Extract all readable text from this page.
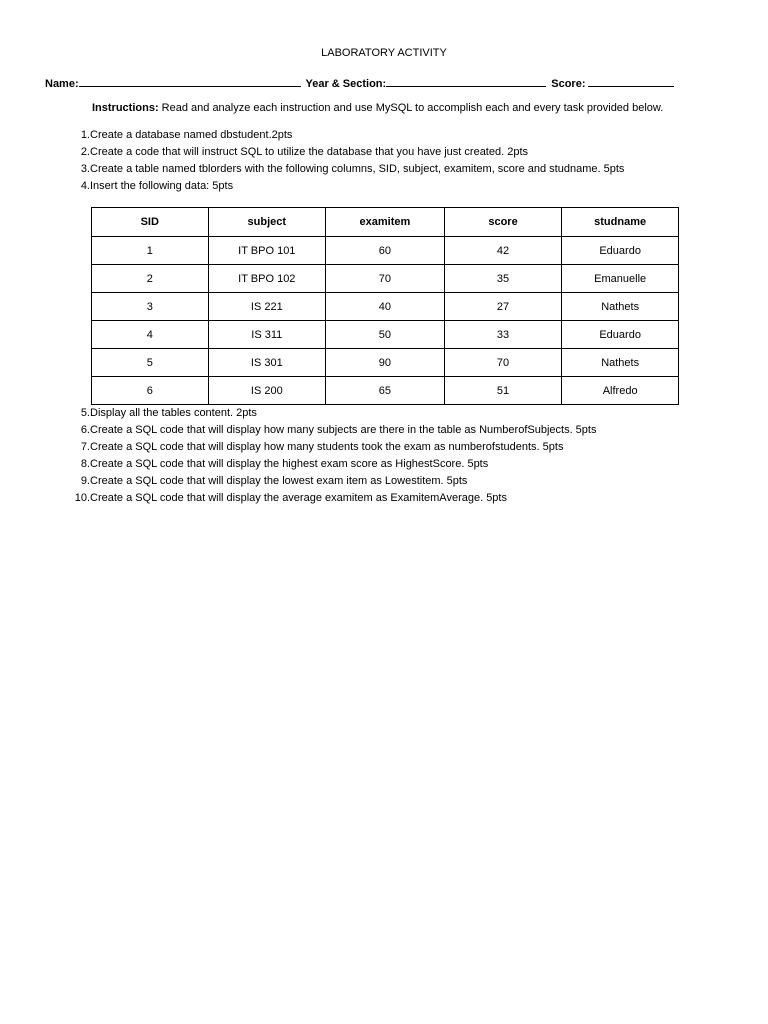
LABORATORY ACTIVITY
Name:	Year & Section:	Score:
Instructions: Read and analyze each instruction and use MySQL to accomplish each and every task provided below.
1. Create a database named dbstudent.2pts
2. Create a code that will instruct SQL to utilize the database that you have just created. 2pts
3. Create a table named tblorders with the following columns, SID, subject, examitem, score and studname. 5pts
4. Insert the following data: 5pts
SID	subject	examitem	score	studname
1	IT BPO 101	60	42	Eduardo
2	IT BPO 102	70	35	Emanuelle
3	IS 221	40	27	Nathets
4	IS 311	50	33	Eduardo
5	IS 301	90	70	Nathets
6	IS 200	65	51	Alfredo
5. Display all the tables content. 2pts
6. Create a SQL code that will display how many subjects are there in the table as NumberofSubjects. 5pts
7. Create a SQL code that will display how many students took the exam as numberofstudents. 5pts
8. Create a SQL code that will display the highest exam score as HighestScore. 5pts
9. Create a SQL code that will display the lowest exam item as Lowestitem. 5pts
10. Create a SQL code that will display the average examitem as ExamitemAverage. 5pts
